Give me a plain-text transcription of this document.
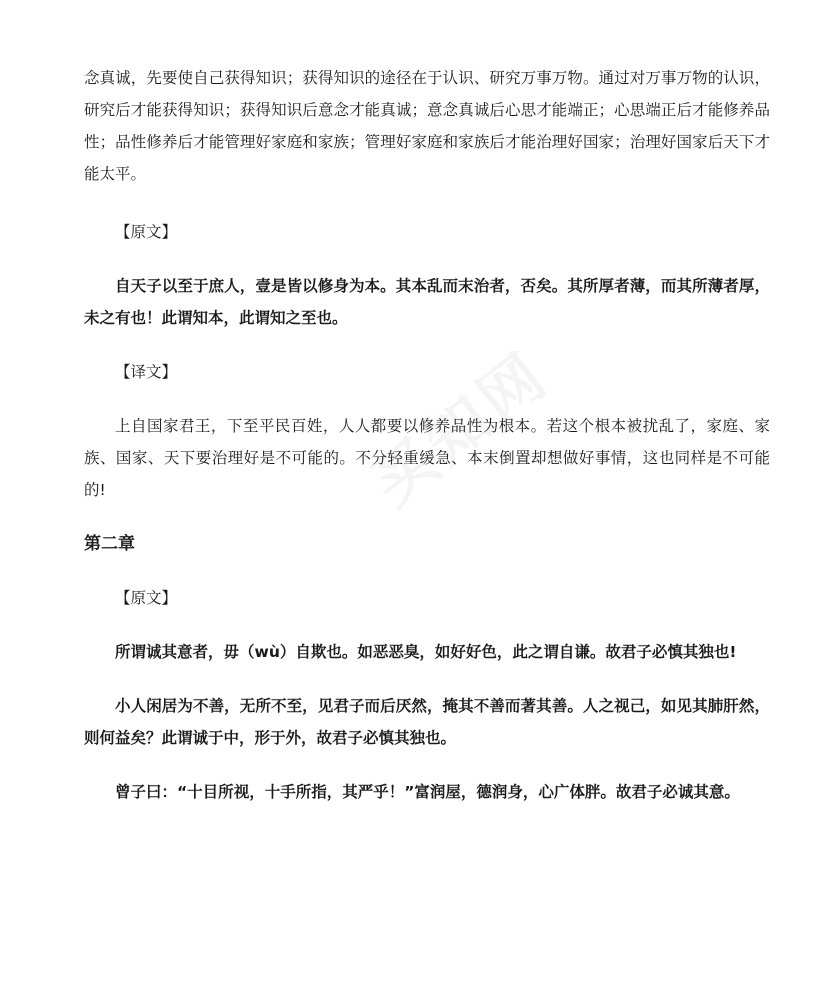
念真诚，先要使自己获得知识；获得知识的途径在于认识、研究万事万物。通过对万事万物的认识，研究后才能获得知识；获得知识后意念才能真诚；意念真诚后心思才能端正；心思端正后才能修养品性；品性修养后才能管理好家庭和家族；管理好家庭和家族后才能治理好国家；治理好国家后天下才能太平。

【原文】

自天子以至于庶人，壹是皆以修身为本。其本乱而末治者，否矣。其所厚者薄，而其所薄者厚，未之有也！此谓知本，此谓知之至也。

【译文】

上自国家君王，下至平民百姓，人人都要以修养品性为根本。若这个根本被扰乱了，家庭、家族、国家、天下要治理好是不可能的。不分轻重缓急、本末倒置却想做好事情，这也同样是不可能的!

第二章

【原文】

所谓诚其意者，毋（wù）自欺也。如恶恶臭，如好好色，此之谓自谦。故君子必慎其独也!

小人闲居为不善，无所不至，见君子而后厌然，掩其不善而著其善。人之视己，如见其肺肝然，则何益矣？此谓诚于中，形于外，故君子必慎其独也。

曾子曰：“十目所视，十手所指，其严乎！”富润屋，德润身，心广体胖。故君子必诚其意。
